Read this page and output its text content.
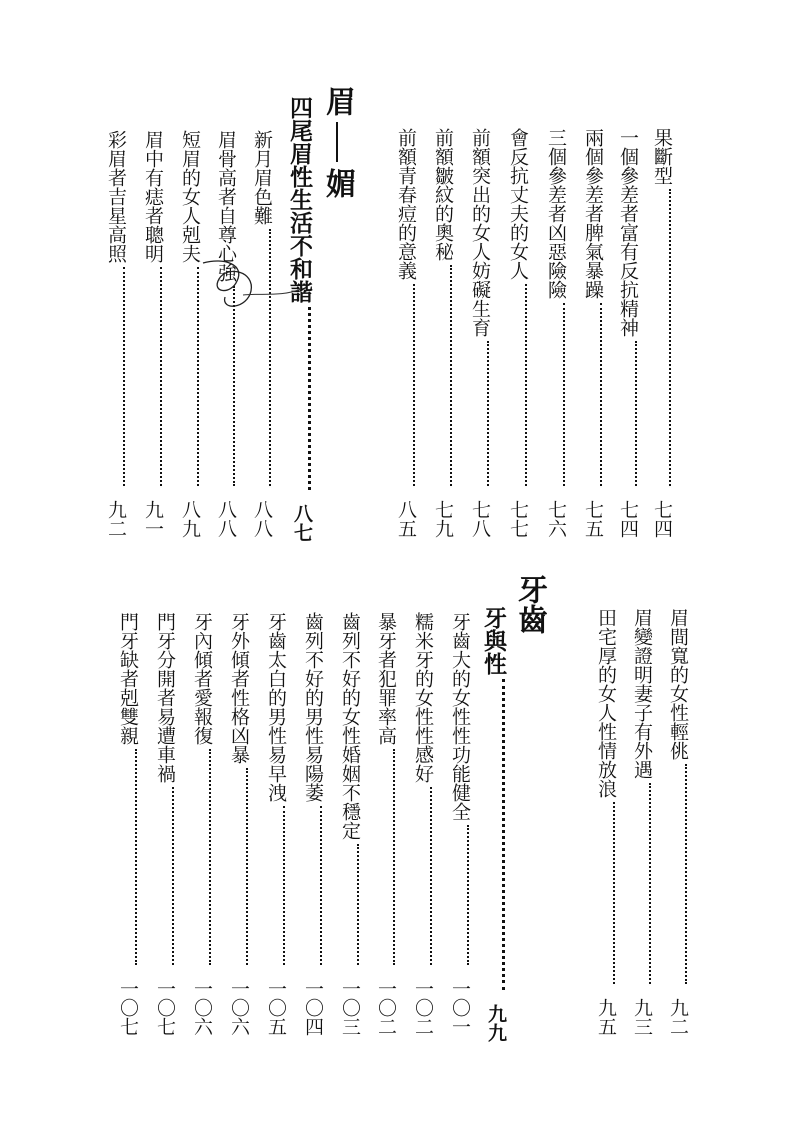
果斷型
七四
一個參差者富有反抗精神
七四
兩個參差者脾氣暴躁
七五
三個參差者凶惡險險
七六
會反抗丈夫的女人
七七
前額突出的女人妨礙生育
七八
前額皺紋的奧秘
七九
前額青春痘的意義
八五
眉媚
四尾眉性生活不和諧
八七
新月眉色難
八八
眉骨高者自尊心強
八八
短眉的女人剋夫
八九
眉中有痣者聰明
九一
彩眉者吉星高照
九二
眉間寬的女性輕佻
九二
眉變證明妻子有外遇
九三
田宅厚的女人性情放浪
九五
牙齒
牙與性
九九
牙齒大的女性性功能健全
一〇一
糯米牙的女性性感好
一〇二
暴牙者犯罪率高
一〇二
齒列不好的女性婚姻不穩定
一〇三
齒列不好的男性易陽萎
一〇四
牙齒太白的男性易早洩
一〇五
牙外傾者性格凶暴
一〇六
牙內傾者愛報復
一〇六
門牙分開者易遭車禍
一〇七
門牙缺者剋雙親
一〇七
